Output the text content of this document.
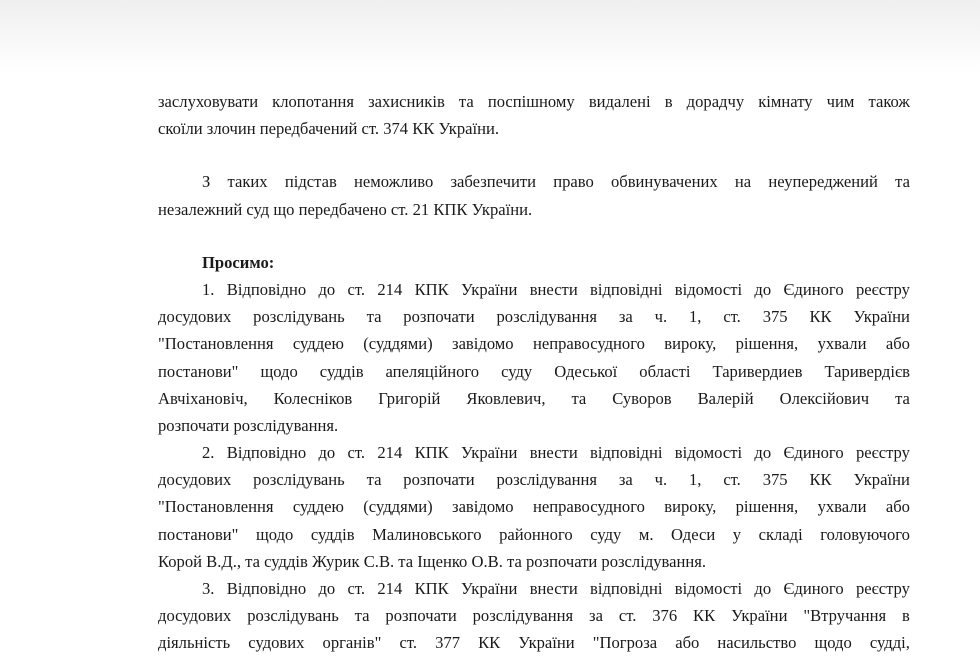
заслуховувати клопотання захисників та поспішному видалені в дорадчу кімнату чим також
скоїли злочин передбачений ст. 374 КК України.
З таких підстав неможливо забезпечити право обвинувачених на неупереджений та
незалежний суд що передбачено ст. 21 КПК України.
Просимо:
1. Відповідно до ст. 214 КПК України внести відповідні відомості до Єдиного реєстру
досудових розслідувань та розпочати розслідування за ч. 1, ст. 375 КК України
"Постановлення суддею (суддями) завідомо неправосудного вироку, рішення, ухвали або
постанови" щодо суддів апеляційного суду Одеської області Таривердиев Таривердієв
Авчіхановіч, Колесніков Григорій Яковлевич, та Суворов Валерій Олексійович та
розпочати розслідування.
2. Відповідно до ст. 214 КПК України внести відповідні відомості до Єдиного реєстру
досудових розслідувань та розпочати розслідування за ч. 1, ст. 375 КК України
"Постановлення суддею (суддями) завідомо неправосудного вироку, рішення, ухвали або
постанови" щодо суддів Малиновського районного суду м. Одеси у складі головуючого
Корой В.Д., та суддів Журик С.В. та Іщенко О.В. та розпочати розслідування.
3. Відповідно до ст. 214 КПК України внести відповідні відомості до Єдиного реєстру
досудових розслідувань та розпочати розслідування за ст. 376 КК України "Втручання в
діяльність судових органів" ст. 377 КК України "Погроза або насильство щодо судді,
